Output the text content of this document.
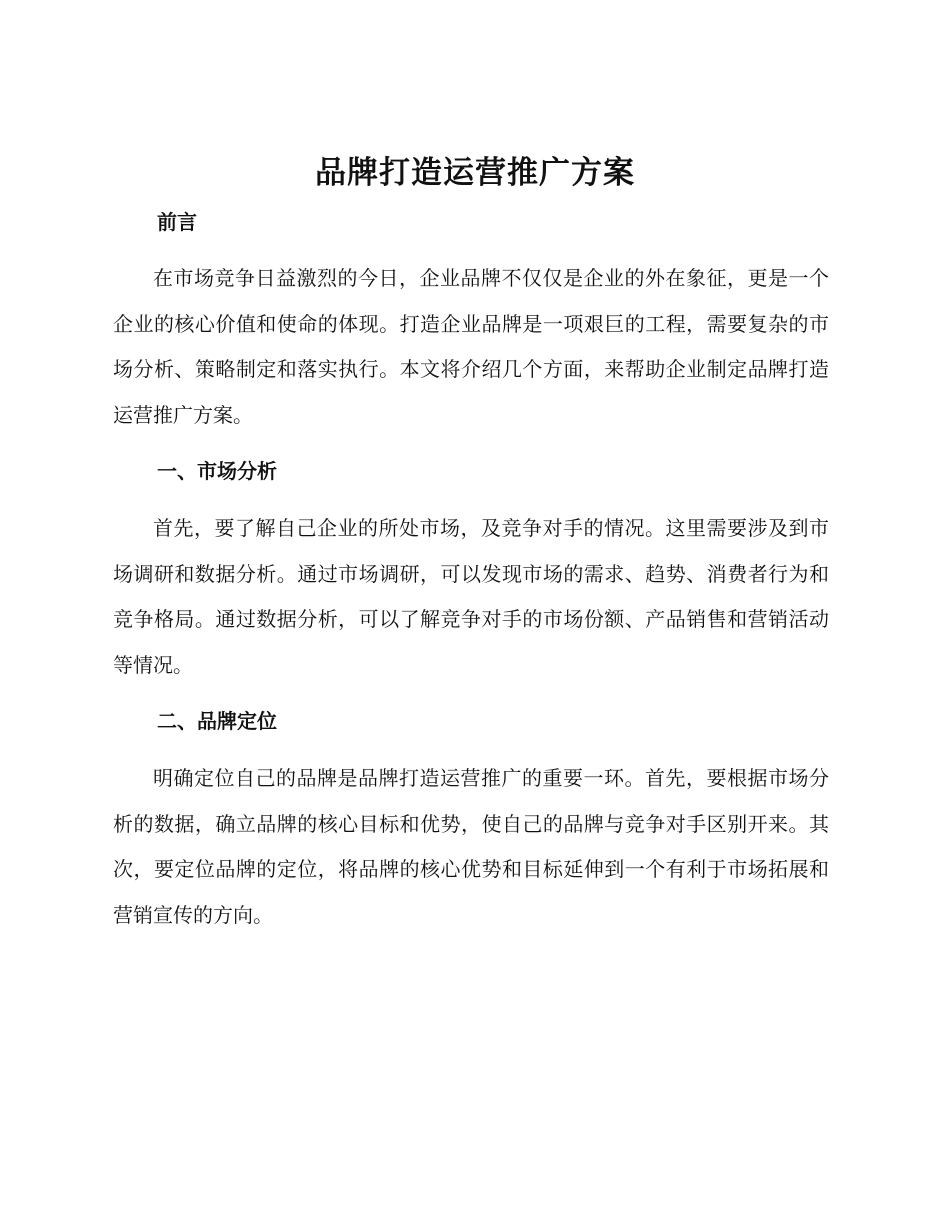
品牌打造运营推广方案
前言

在市场竞争日益激烈的今日，企业品牌不仅仅是企业的外在象征，更是一个企业的核心价值和使命的体现。打造企业品牌是一项艰巨的工程，需要复杂的市场分析、策略制定和落实执行。本文将介绍几个方面，来帮助企业制定品牌打造运营推广方案。

一、市场分析

首先，要了解自己企业的所处市场，及竞争对手的情况。这里需要涉及到市场调研和数据分析。通过市场调研，可以发现市场的需求、趋势、消费者行为和竞争格局。通过数据分析，可以了解竞争对手的市场份额、产品销售和营销活动等情况。

二、品牌定位

明确定位自己的品牌是品牌打造运营推广的重要一环。首先，要根据市场分析的数据，确立品牌的核心目标和优势，使自己的品牌与竞争对手区别开来。其次，要定位品牌的定位，将品牌的核心优势和目标延伸到一个有利于市场拓展和营销宣传的方向。
